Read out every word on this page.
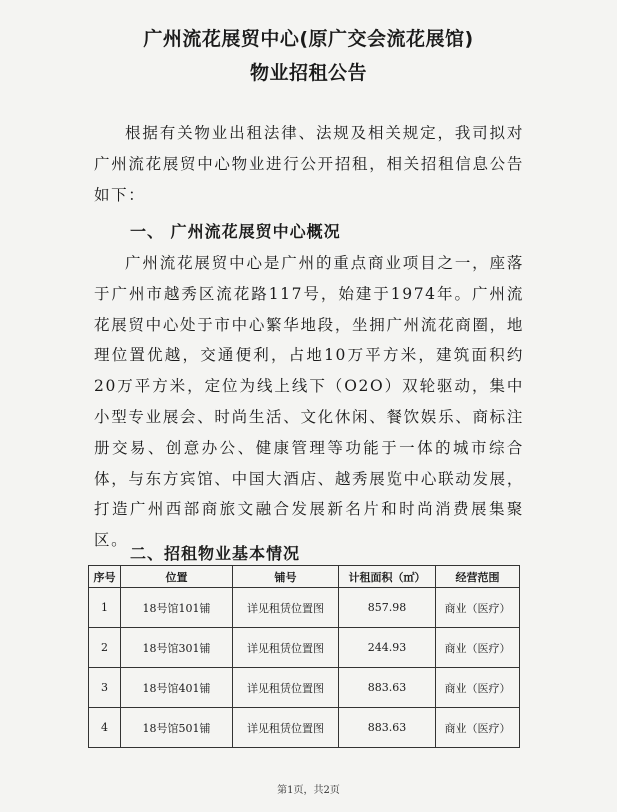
广州流花展贸中心(原广交会流花展馆)
物业招租公告
根据有关物业出租法律、法规及相关规定，我司拟对广州流花展贸中心物业进行公开招租，相关招租信息公告如下：
一、 广州流花展贸中心概况
广州流花展贸中心是广州的重点商业项目之一，座落于广州市越秀区流花路117号，始建于1974年。广州流花展贸中心处于市中心繁华地段，坐拥广州流花商圈，地理位置优越，交通便利，占地10万平方米，建筑面积约20万平方米，定位为线上线下（O2O）双轮驱动，集中小型专业展会、时尚生活、文化休闲、餐饮娱乐、商标注册交易、创意办公、健康管理等功能于一体的城市综合体，与东方宾馆、中国大酒店、越秀展览中心联动发展，打造广州西部商旅文融合发展新名片和时尚消费展集聚区。
二、招租物业基本情况
序号	位置	铺号	计租面积（㎡）	经营范围
1	18号馆101铺	详见租赁位置图	857.98	商业（医疗）
2	18号馆301铺	详见租赁位置图	244.93	商业（医疗）
3	18号馆401铺	详见租赁位置图	883.63	商业（医疗）
4	18号馆501铺	详见租赁位置图	883.63	商业（医疗）
第1页，共2页
